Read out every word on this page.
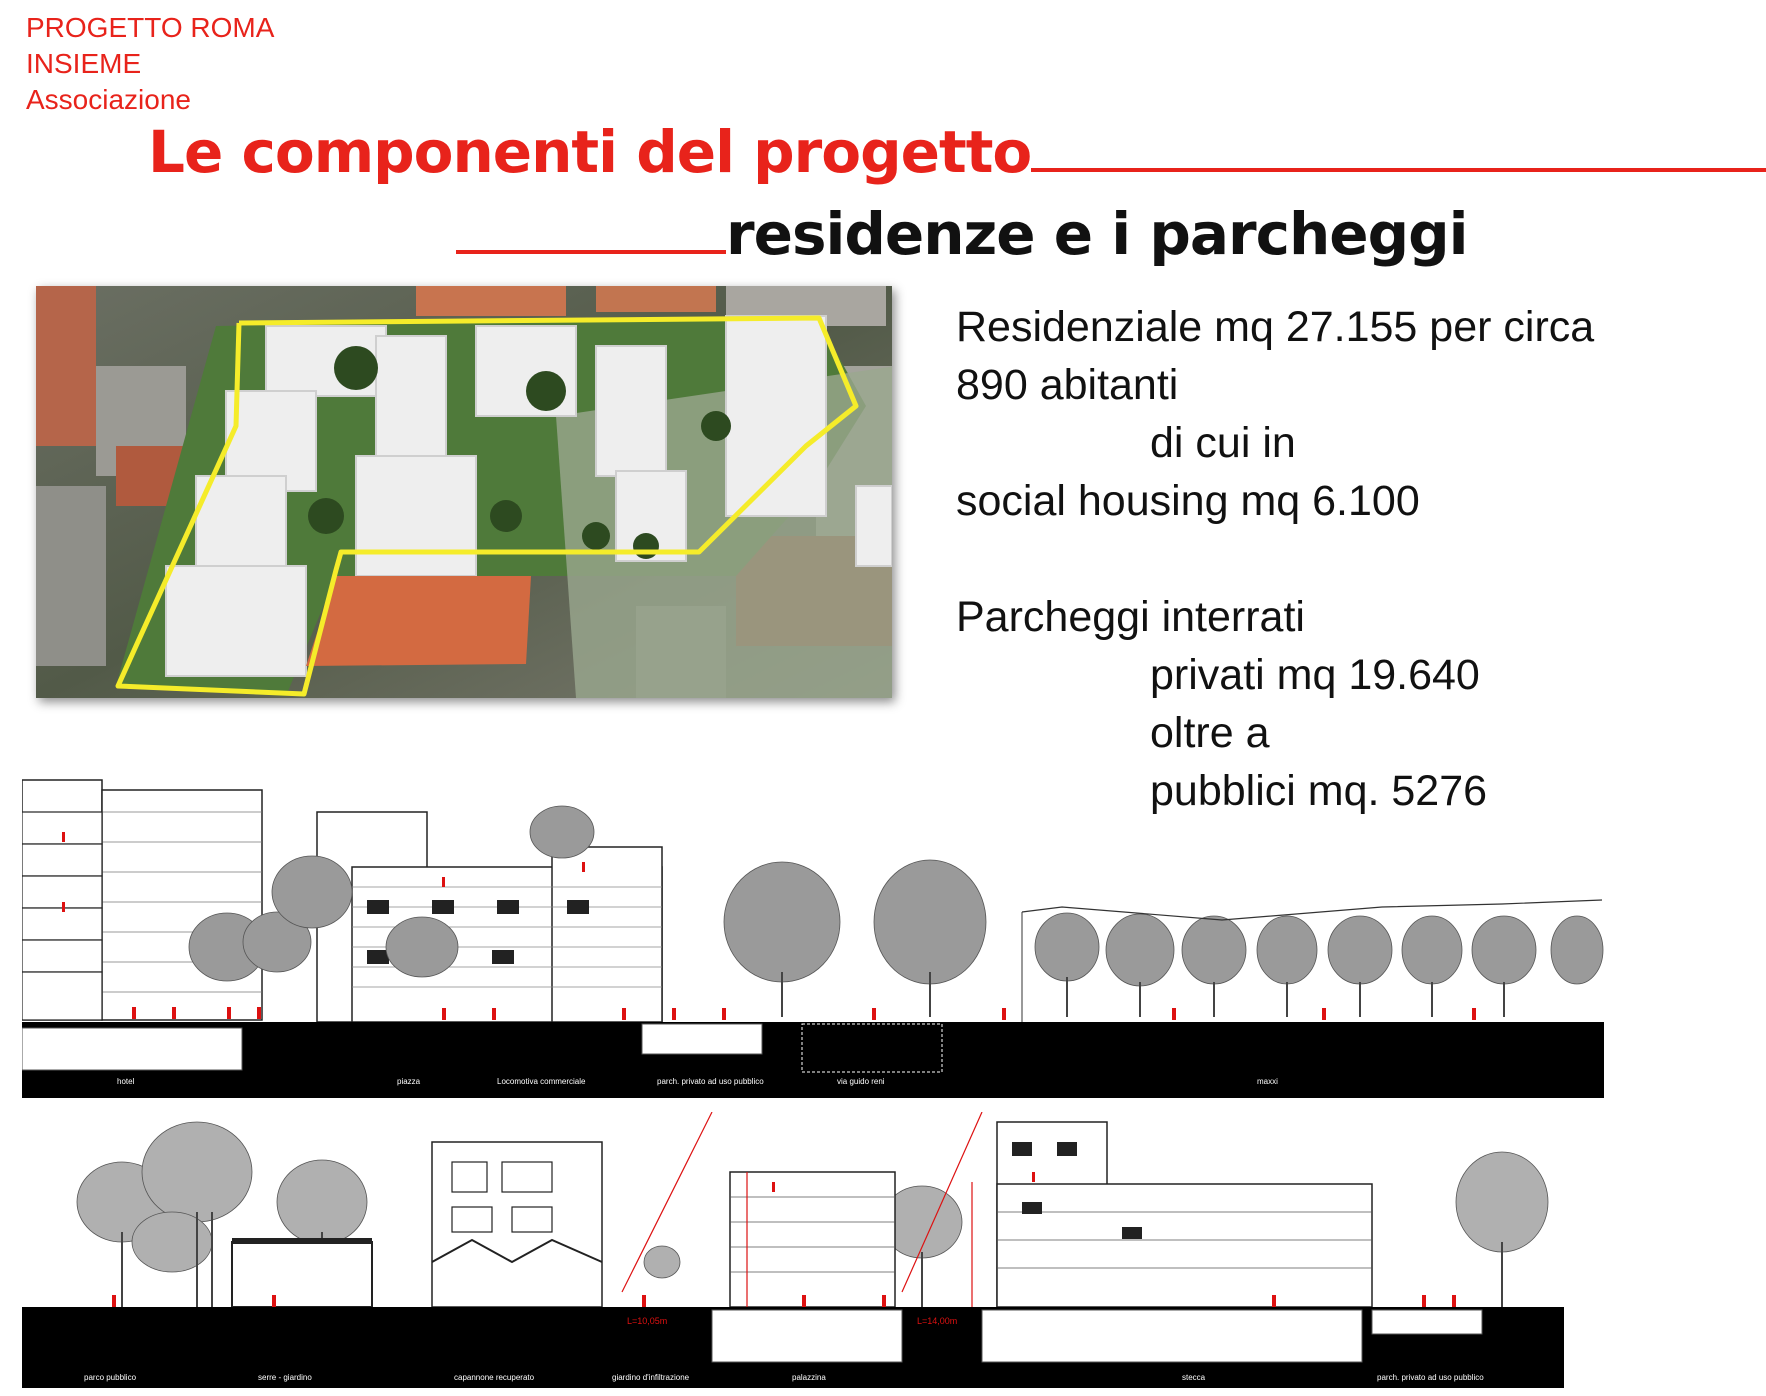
PROGETTO ROMA
INSIEME
Associazione
Le componenti del progetto
residenze e i parcheggi
Residenziale mq 27.155 per circa
890 abitanti
di cui in
social housing mq 6.100
Parcheggi interrati
privati mq 19.640
oltre a
pubblici mq. 5276
hotel	piazza	Locomotiva commerciale	parch. privato ad uso pubblico	via guido reni	maxxi
parco pubblico	serre - giardino	capannone recuperato	giardino d'infiltrazione	palazzina	stecca	parch. privato ad uso pubblico
L=10,05m	L=14,00m
